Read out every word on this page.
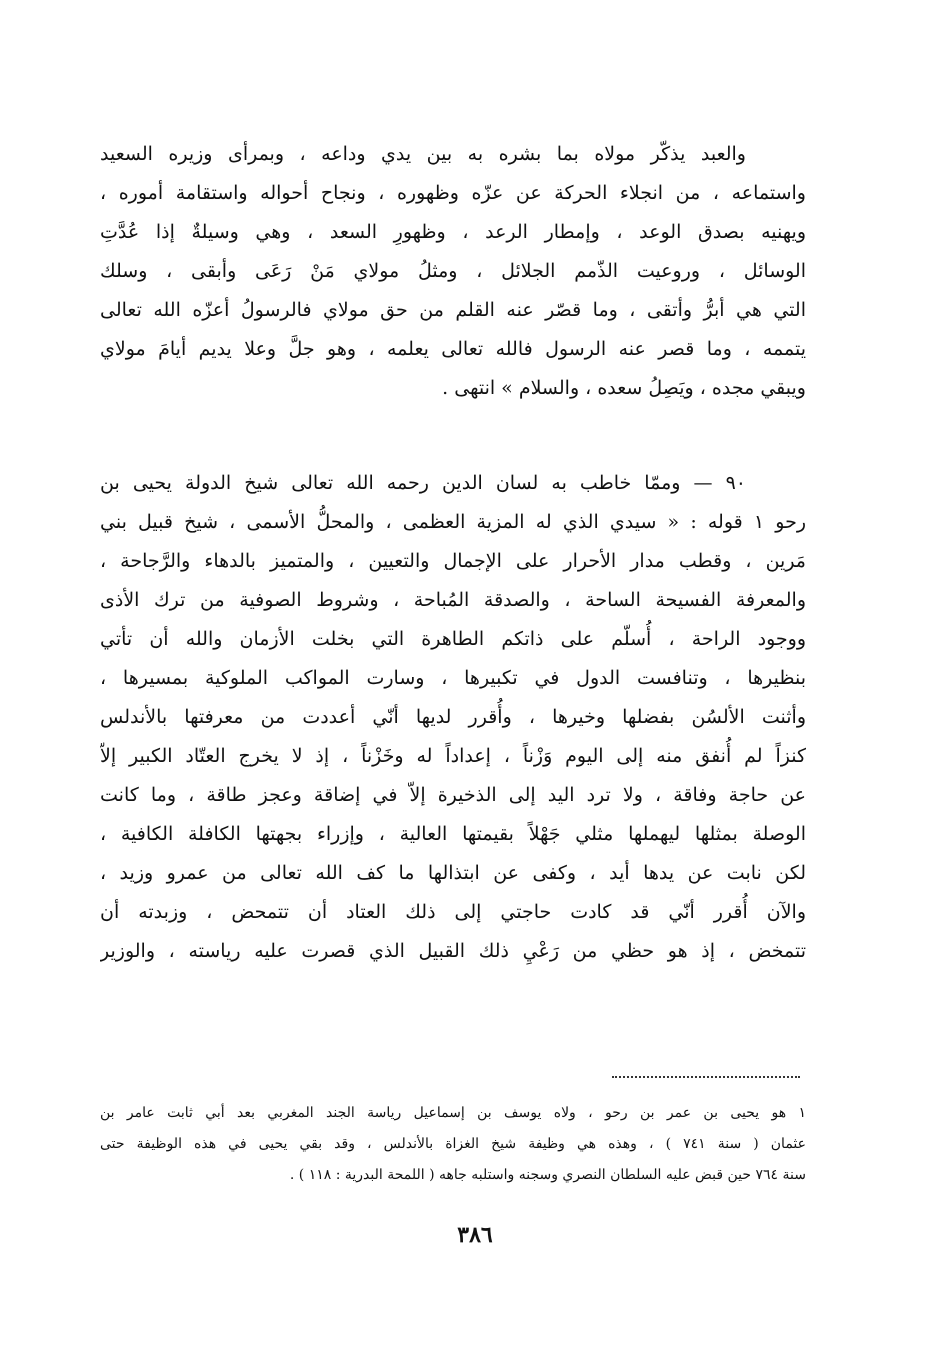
والعبد يذكّر مولاه بما بشره به بين يدي وداعه ، وبمرأى وزيره السعيد
واستماعه ، من انجلاء الحركة عن عزّه وظهوره ، ونجاح أحواله واستقامة أموره ،
ويهنيه بصدق الوعد ، وإمطار الرعد ، وظهورِ السعد ، وهي وسيلةٌ إذا عُدَّتِ
الوسائل ، وروعيت الذّمم الجلائل ، ومثلُ مولاي مَنْ رَعَى وأبقى ، وسلك
التي هي أبرُّ وأتقى ، وما قصّر عنه القلم من حق مولاي فالرسولُ أعزّه الله تعالى
يتممه ، وما قصر عنه الرسول فالله تعالى يعلمه ، وهو جلَّ وعلا يديم أيامَ مولاي
ويبقي مجده ، ويَصِلُ سعده ، والسلام » انتهى .
٩٠ — وممّا خاطب به لسان الدين رحمه الله تعالى شيخ الدولة يحيى بن
رحو ١ قوله : « سيدي الذي له المزية العظمى ، والمحلُّ الأسمى ، شيخ قبيل بني
مَرين ، وقطب مدار الأحرار على الإجمال والتعيين ، والمتميز بالدهاء والرَّجاحة ،
والمعرفة الفسيحة الساحة ، والصدقة المُباحة ، وشروط الصوفية من ترك الأذى
ووجود الراحة ، أُسلّم على ذاتكم الطاهرة التي بخلت الأزمان والله أن تأتي
بنظيرها ، وتنافست الدول في تكبيرها ، وسارت المواكب الملوكية بمسيرها ،
وأثنت الألسُن بفضلها وخيرها ، وأُقرر لديها أنّي أعددت من معرفتها بالأندلس
كنزاً لم أُنفق منه إلى اليوم وَزْناً ، إعداداً له وخَزْناً ، إذ لا يخرج العتّاد الكبير إلاّ
عن حاجة وفاقة ، ولا ترد اليد إلى الذخيرة إلاّ في إضاقة وعجز طاقة ، وما كانت
الوصلة بمثلها ليهملها مثلي جَهْلاً بقيمتها العالية ، وإزراء بجهتها الكافلة الكافية ،
لكن نابت عن يدها أيد ، وكفى عن ابتذالها ما كف الله تعالى من عمرو وزيد ،
والآن أُقرر أنّي قد كادت حاجتي إلى ذلك العتاد أن تتمحض ، وزبدته أن
تتمخض ، إذ هو حظي من رَعْيِ ذلك القبيل الذي قصرت عليه رياسته ، والوزير
١ هو يحيى بن عمر بن رحو ، ولاه يوسف بن إسماعيل رياسة الجند المغربي بعد أبي ثابت عامر بن
عثمان ( سنة ٧٤١ ) ، وهذه هي وظيفة شيخ الغزاة بالأندلس ، وقد بقي يحيى في هذه الوظيفة حتى
سنة ٧٦٤ حين قبض عليه السلطان النصري وسجنه واستلبه جاهه ( اللمحة البدرية : ١١٨ ) .
٣٨٦
